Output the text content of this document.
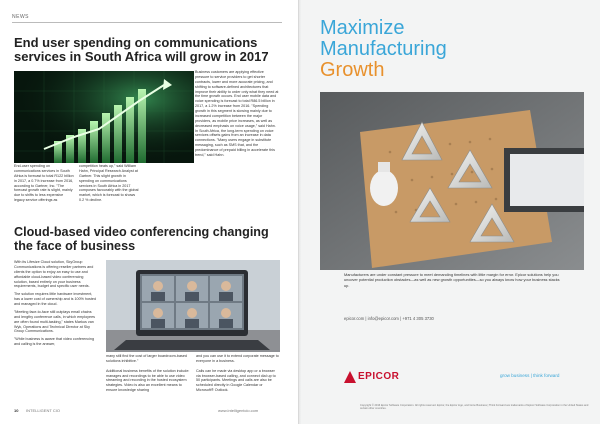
NEWS
End user spending on communications services in South Africa will grow in 2017
End-user spending on communications services in South Africa is forecast to total R122 billion in 2017, a 0.7% increase from 2016, according to Gartner, Inc. "The forecast growth rate is slight, mainly due to shifts to less expensive legacy service offerings as
competition heats up," said William Hahn, Principal Research Analyst at Gartner. This slight growth in spending on communications services in South Africa in 2017 composes favourably with the global market, which is forecast to shows 0.2 % decline.
Business customers are applying effective pressure to service providers to get shorter contracts, lower and more accurate pricing, and shifting to software-defined architectures that improve their ability to order only what they need at the time growth occurs. End user mobile data and voice spending is forecast to total R86.5 billion in 2017, a 1.2% increase from 2016. "Spending growth in this segment is slowing mainly due to increased competition between the major providers, as mobile price increases, as well as decreased emphasis on voice usage," said Hahn. In South Africa, the long-term spending on voice services offsets gains from an increase in data connections. "Many users engage in substitute messaging, such as SMS that, and the predominance of prepaid billing in accelerate this trend," said Hahn.
Cloud-based video conferencing changing the face of business
With its Lifesize Cloud solution, SkyGroup Communications is offering reseller partners and clients the option to enjoy an easy to use and affordable cloud-based video conferencing solution, based entirely on your business requirements, budget and specific user needs.
The solution requires little hardware investment, has a lower cost of ownership and is 100% hosted and managed in the cloud.
"Meeting face-to-face still outplays email chains and lengthy conference calls, in which employees are often found multi-tasking," states Markus van Wyk, Operations and Technical Director at Sky Group Communications.
"While business is aware that video conferencing and calling is the answer,
many still find the cost of larger boardroom-based solutions inhibitive."

Additional business benefits of the solution include: manages and recordings to be able to use video streaming and recording in the hosted ecosystem strategies. Video is also an excellent means to ensure knowledge sharing
and you can use it to extend corporate message to everyone in a business.

Calls can be made via desktop app or a browser via browser-based calling, and connect dial up to 50 participants. Meetings and calls are also be scheduled directly in Google Calendar or Microsoft® Outlook.
10 INTELLIGENT CIO	www.intelligentcio.com
Maximize
Manufacturing
Growth
Manufacturers are under constant pressure to meet demanding timelines with little margin for error. Epicor solutions help you uncover potential production obstacles—as well as new growth opportunities—so you always know how your business stacks up.
epicor.com | info@epicor.com | +971 4 305 3730
EPICOR	grow business | think forward
Copyright © 2016 Epicor Software Corporation. All rights reserved. Epicor, the Epicor logo, and Grow Business | Think Forward are trademarks of Epicor Software Corporation in the United States and certain other countries.
